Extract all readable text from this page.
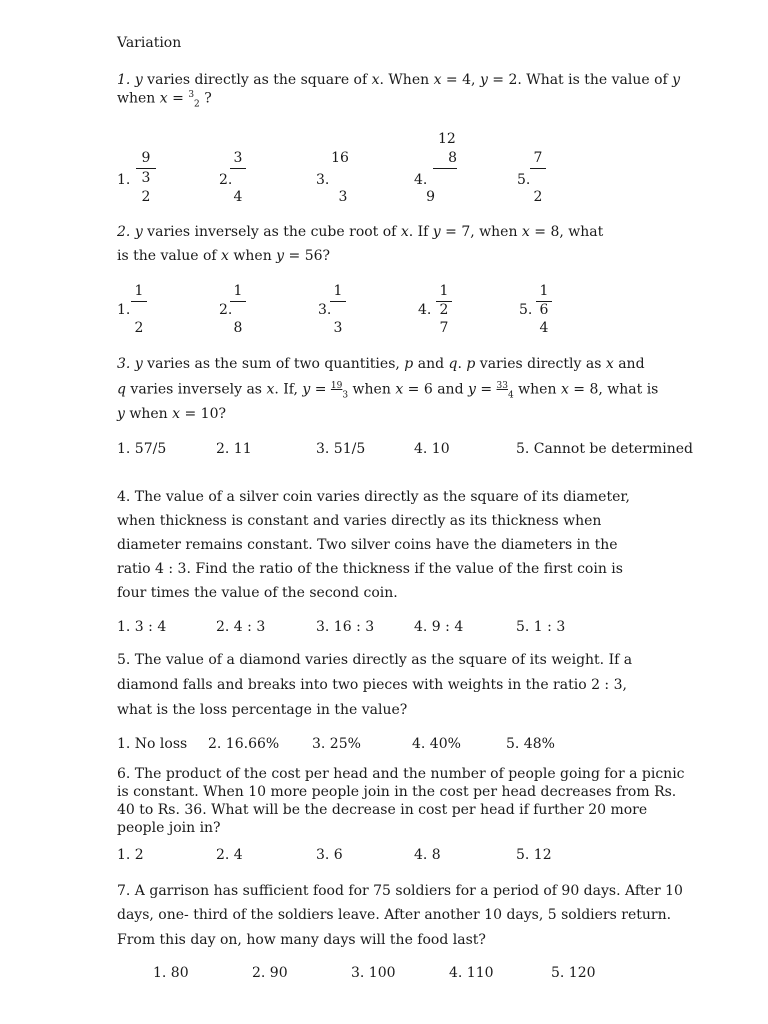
Variation
1. y varies directly as the square of x. When x = 4, y = 2. What is the value of y
when x = $^3_2$ ?
12
1.
9
3
2
2.
3
4
3.
16
3
4.
8
9
5.
7
2
2. y varies inversely as the cube root of x. If y = 7, when x = 8, what
is the value of x when y = 56?
1.
1
2
2.
1
8
3.
1
3
4.
1
2
7
5.
1
6
4
3. y varies as the sum of two quantities, p and q. p varies directly as x and
q varies inversely as x. If, y = $^{19}_3$ when x = 6 and y = $^{33}_4$ when x = 8, what is
y when x = 10?
1. 57/5	2. 11	3. 51/5	4. 10	5. Cannot be determined
4. The value of a silver coin varies directly as the square of its diameter,
when thickness is constant and varies directly as its thickness when
diameter remains constant. Two silver coins have the diameters in the
ratio 4 : 3. Find the ratio of the thickness if the value of the first coin is
four times the value of the second coin.
1. 3 : 4	2. 4 : 3	3. 16 : 3	4. 9 : 4	5. 1 : 3
5. The value of a diamond varies directly as the square of its weight. If a
diamond falls and breaks into two pieces with weights in the ratio 2 : 3,
what is the loss percentage in the value?
1. No loss 2. 16.66% 3. 25%	4. 40%	5. 48%
6. The product of the cost per head and the number of people going for a picnic
is constant. When 10 more people join in the cost per head decreases from Rs.
40 to Rs. 36. What will be the decrease in cost per head if further 20 more
people join in?
1. 2	2. 4	3. 6	4. 8	5. 12
7. A garrison has sufficient food for 75 soldiers for a period of 90 days. After 10
days, one- third of the soldiers leave. After another 10 days, 5 soldiers return.
From this day on, how many days will the food last?
1. 80	2. 90	3. 100	4. 110	5. 120
